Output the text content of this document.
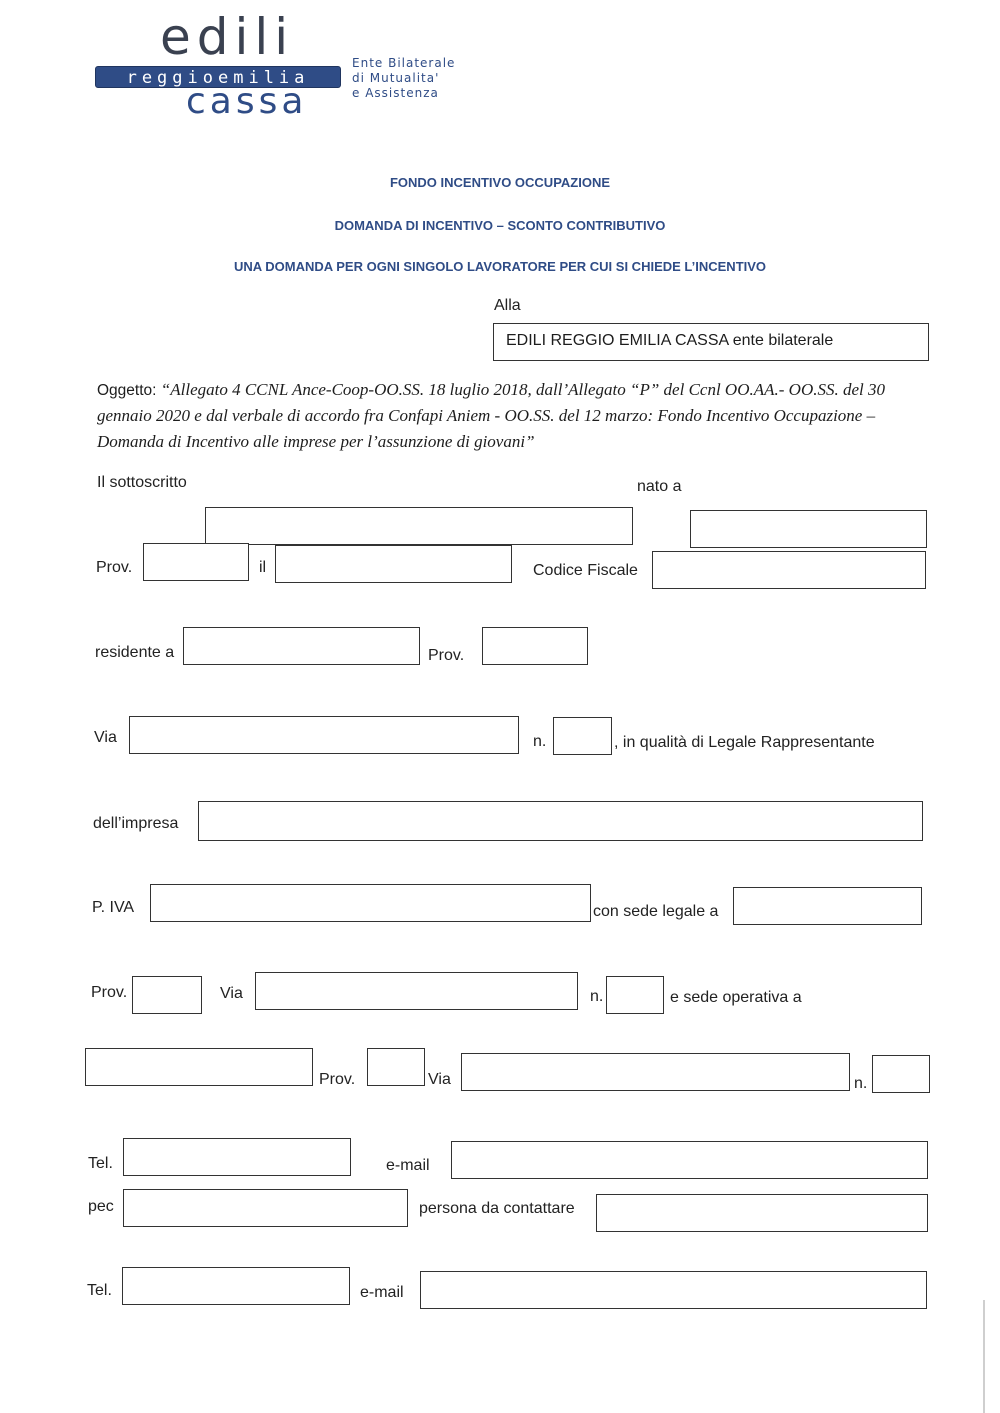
edili
reggioemilia
cassa
Ente Bilaterale
di Mutualita'
e Assistenza
FONDO INCENTIVO OCCUPAZIONE
DOMANDA DI INCENTIVO – SCONTO CONTRIBUTIVO
UNA DOMANDA PER OGNI SINGOLO LAVORATORE PER CUI SI CHIEDE L’INCENTIVO
Alla
EDILI REGGIO EMILIA CASSA ente bilaterale
Oggetto: “Allegato 4 CCNL Ance-Coop-OO.SS. 18 luglio 2018, dall’Allegato “P” del Ccnl OO.AA.- OO.SS. del 30 gennaio 2020 e dal verbale di accordo fra Confapi Aniem - OO.SS. del 12 marzo: Fondo Incentivo Occupazione – Domanda di Incentivo alle imprese per l’assunzione di giovani”
Il sottoscritto	nato a
Prov.	il	Codice Fiscale
residente a	Prov.
Via	n.	, in qualità di Legale Rappresentante
dell’impresa
P. IVA	con sede legale a
Prov.	Via	n.	e sede operativa a
Prov.	Via	n.
Tel.	e-mail
pec	persona da contattare
Tel.	e-mail
